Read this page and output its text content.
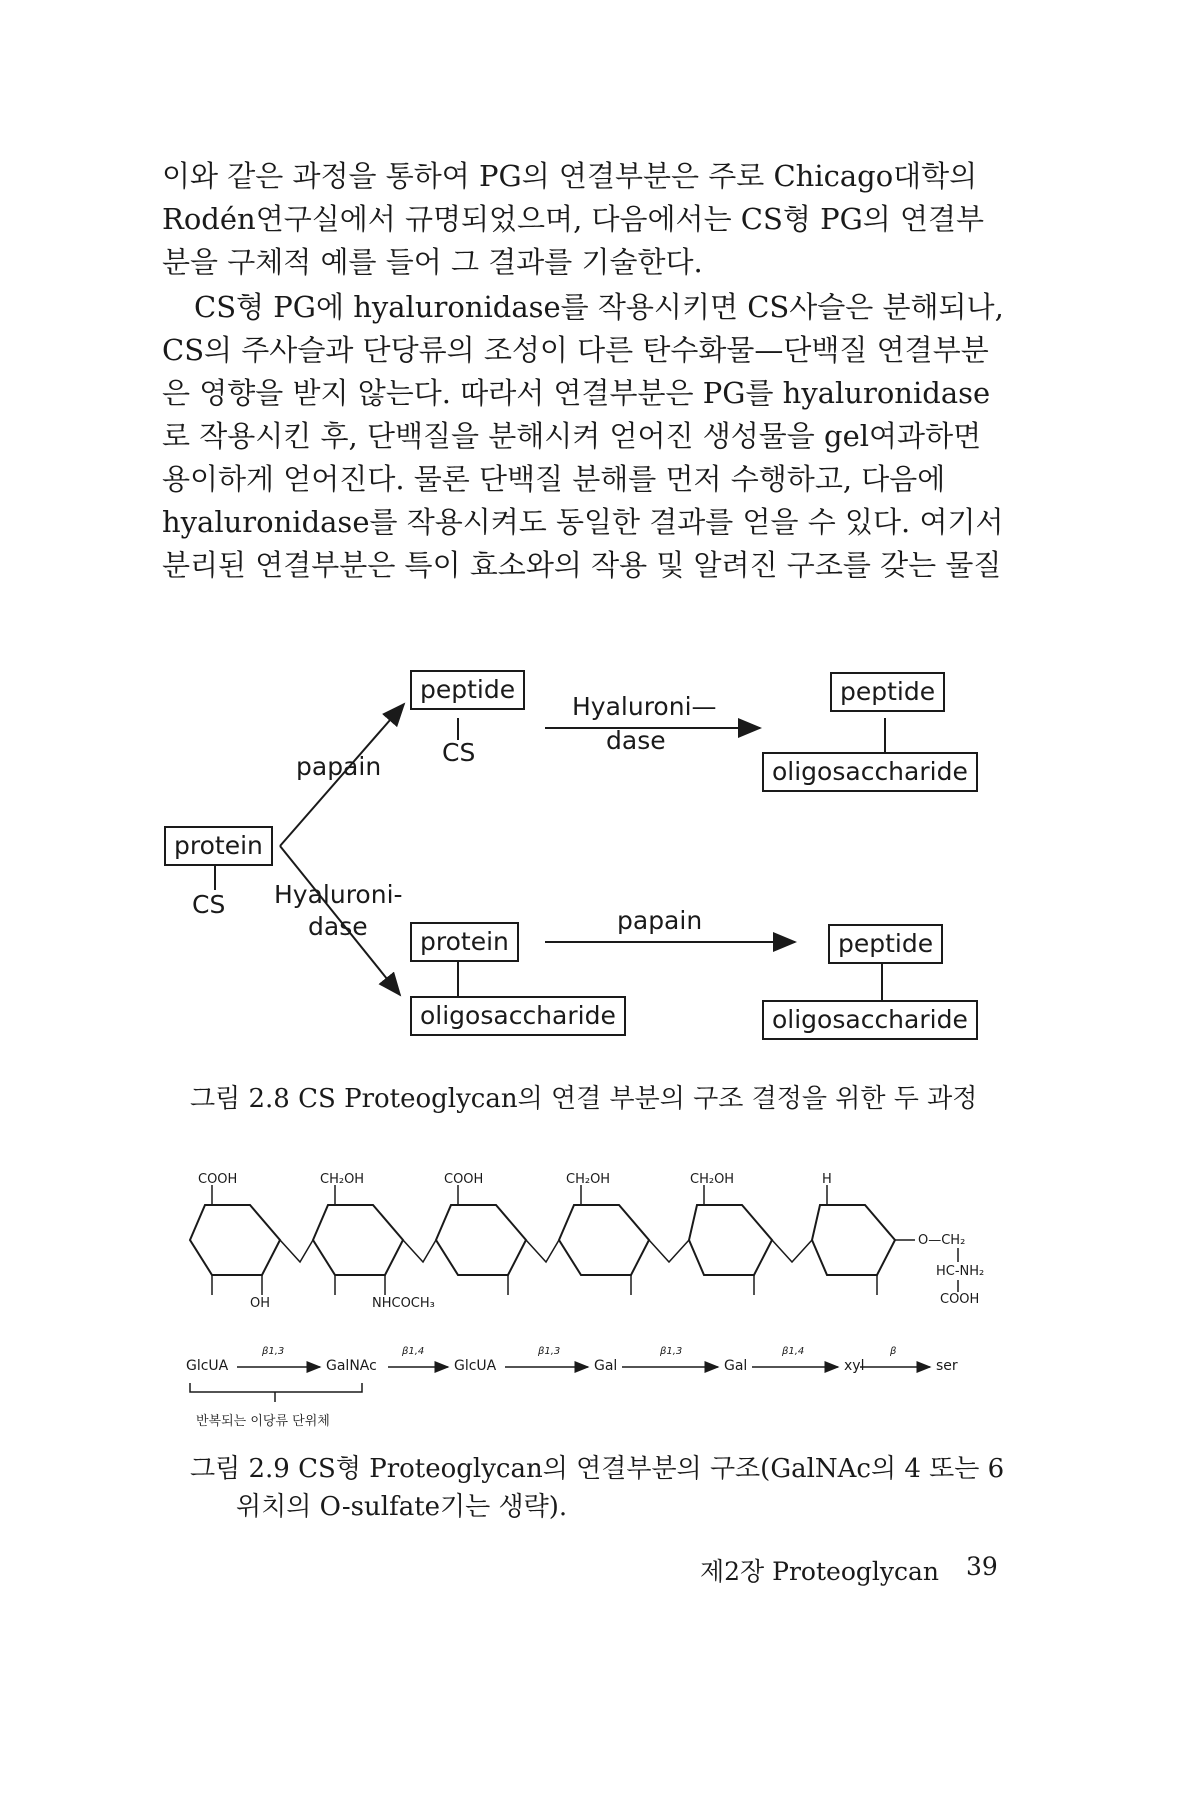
이와 같은 과정을 통하여 PG의 연결부분은 주로 Chicago대학의

Rodén연구실에서 규명되었으며, 다음에서는 CS형 PG의 연결부

분을 구체적 예를 들어 그 결과를 기술한다.

CS형 PG에 hyaluronidase를 작용시키면 CS사슬은 분해되나,

CS의 주사슬과 단당류의 조성이 다른 탄수화물—단백질 연결부분

은 영향을 받지 않는다. 따라서 연결부분은 PG를 hyaluronidase

로 작용시킨 후, 단백질을 분해시켜 얻어진 생성물을 gel여과하면

용이하게 얻어진다. 물론 단백질 분해를 먼저 수행하고, 다음에

hyaluronidase를 작용시켜도 동일한 결과를 얻을 수 있다. 여기서

분리된 연결부분은 특이 효소와의 작용 및 알려진 구조를 갖는 물질

protein
CS
papain
peptide
CS
Hyaluroni—
dase
peptide
oligosaccharide
Hyaluroni-
dase
protein
oligosaccharide
papain
peptide
oligosaccharide
그림 2.8 CS Proteoglycan의 연결 부분의 구조 결정을 위한 두 과정
COOH	CH₂OH	COOH	CH₂OH	CH₂OH	H
OH	NHCOCH₃
O—CH₂
HC-NH₂
COOH
GlcUA	GalNAc	GlcUA	Gal	Gal	xyl	ser
β1,3	β1,4	β1,3	β1,3	β1,4	β
반복되는 이당류 단위체
그림 2.9 CS형 Proteoglycan의 연결부분의 구조(GalNAc의 4 또는 6
위치의 O-sulfate기는 생략).
제2장 Proteoglycan 39
